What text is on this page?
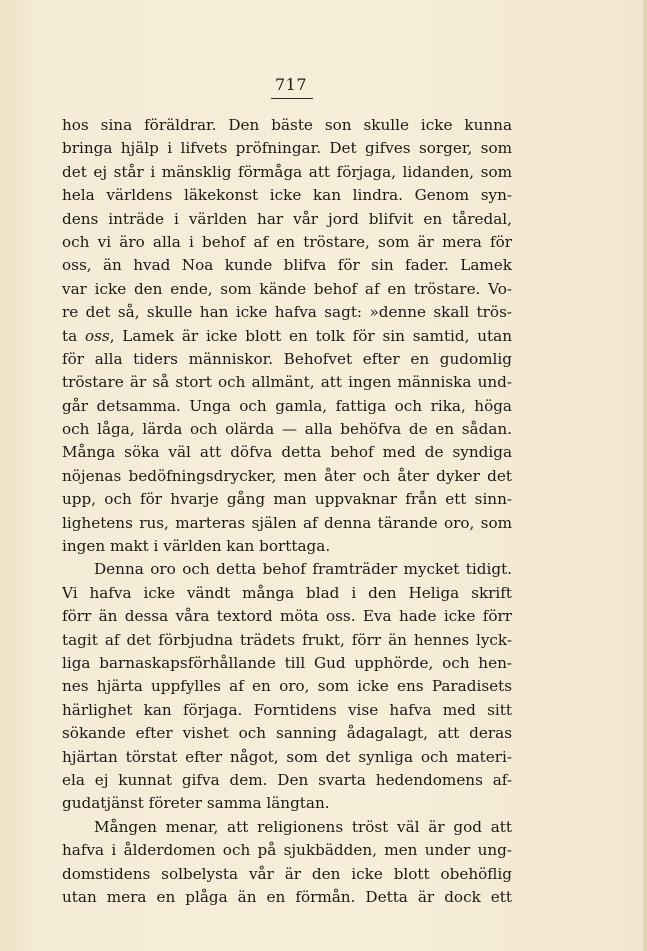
717
hos sina föräldrar. Den bäste son skulle icke kunna
bringa hjälp i lifvets pröfningar. Det gifves sorger, som
det ej står i mänsklig förmåga att förjaga, lidanden, som
hela världens läkekonst icke kan lindra. Genom syn-
dens inträde i världen har vår jord blifvit en tåredal,
och vi äro alla i behof af en tröstare, som är mera för
oss, än hvad Noa kunde blifva för sin fader. Lamek
var icke den ende, som kände behof af en tröstare. Vo-
re det så, skulle han icke hafva sagt: »denne skall trös-
ta oss, Lamek är icke blott en tolk för sin samtid, utan
för alla tiders människor. Behofvet efter en gudomlig
tröstare är så stort och allmänt, att ingen människa und-
går detsamma. Unga och gamla, fattiga och rika, höga
och låga, lärda och olärda — alla behöfva de en sådan.
Många söka väl att döfva detta behof med de syndiga
nöjenas bedöfningsdrycker, men åter och åter dyker det
upp, och för hvarje gång man uppvaknar från ett sinn-
lighetens rus, marteras själen af denna tärande oro, som
ingen makt i världen kan borttaga.
Denna oro och detta behof framträder mycket tidigt.
Vi hafva icke vändt många blad i den Heliga skrift
förr än dessa våra textord möta oss. Eva hade icke förr
tagit af det förbjudna trädets frukt, förr än hennes lyck-
liga barnaskapsförhållande till Gud upphörde, och hen-
nes hjärta uppfylles af en oro, som icke ens Paradisets
härlighet kan förjaga. Forntidens vise hafva med sitt
sökande efter vishet och sanning ådagalagt, att deras
hjärtan törstat efter något, som det synliga och materi-
ela ej kunnat gifva dem. Den svarta hedendomens af-
gudatjänst företer samma längtan.
Mången menar, att religionens tröst väl är god att
hafva i ålderdomen och på sjukbädden, men under ung-
domstidens solbelysta vår är den icke blott obehöflig
utan mera en plåga än en förmån. Detta är dock ett
